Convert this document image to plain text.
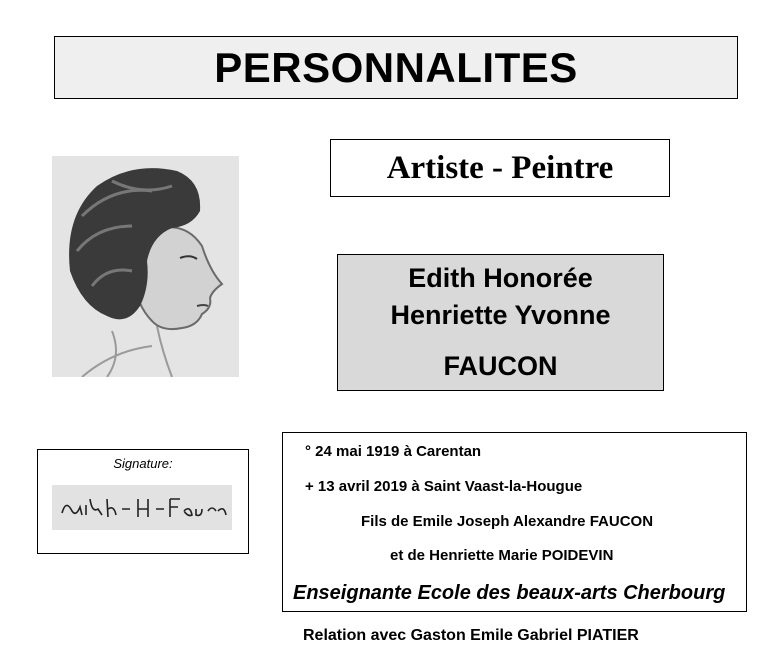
PERSONNALITES
Artiste - Peintre
Edith Honorée
Henriette Yvonne
FAUCON
Signature:
° 24 mai 1919 à Carentan
+ 13 avril 2019 à Saint Vaast-la-Hougue
Fils de Emile Joseph Alexandre FAUCON
et de Henriette Marie POIDEVIN
Enseignante Ecole des beaux-arts Cherbourg
Relation avec Gaston Emile Gabriel PIATIER
